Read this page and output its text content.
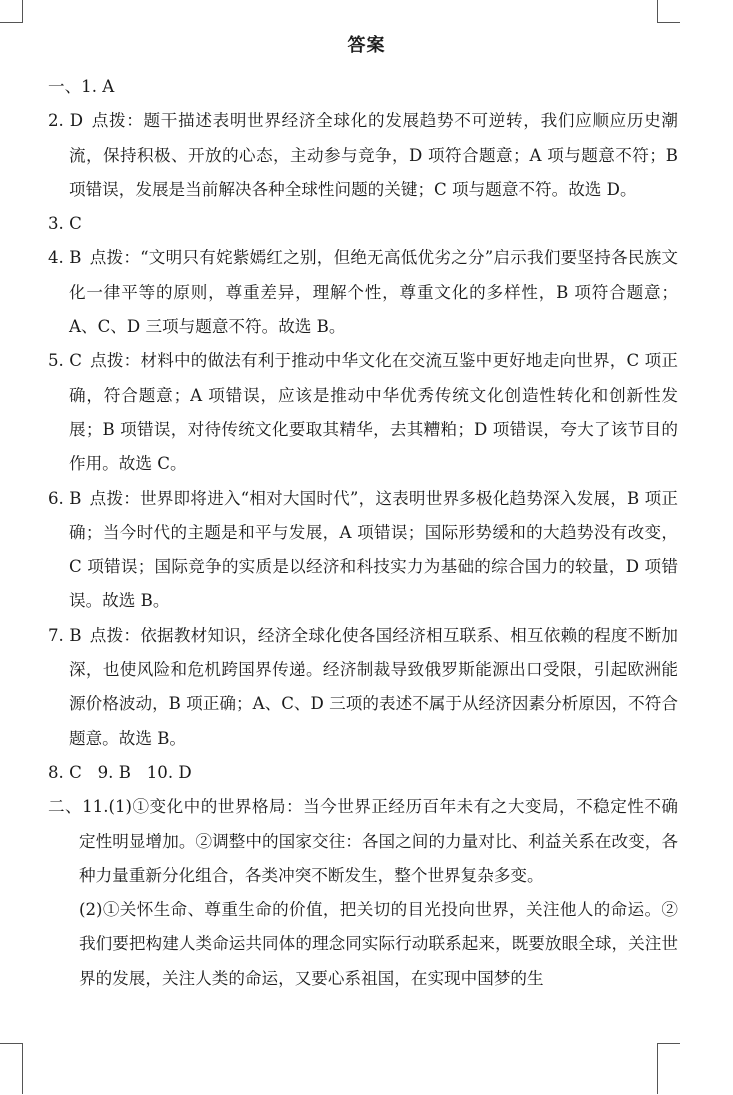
答案

一、1. A

2. D 点拨：题干描述表明世界经济全球化的发展趋势不可逆转，我们应顺应历史潮流，保持积极、开放的心态，主动参与竞争，D 项符合题意；A 项与题意不符；B 项错误，发展是当前解决各种全球性问题的关键；C 项与题意不符。故选 D。

3. C

4. B 点拨：“文明只有姹紫嫣红之别，但绝无高低优劣之分”启示我们要坚持各民族文化一律平等的原则，尊重差异，理解个性，尊重文化的多样性，B 项符合题意；A、C、D 三项与题意不符。故选 B。

5. C 点拨：材料中的做法有利于推动中华文化在交流互鉴中更好地走向世界，C 项正确，符合题意；A 项错误，应该是推动中华优秀传统文化创造性转化和创新性发展；B 项错误，对待传统文化要取其精华，去其糟粕；D 项错误，夸大了该节目的作用。故选 C。

6. B 点拨：世界即将进入“相对大国时代”，这表明世界多极化趋势深入发展，B 项正确；当今时代的主题是和平与发展，A 项错误；国际形势缓和的大趋势没有改变，C 项错误；国际竞争的实质是以经济和科技实力为基础的综合国力的较量，D 项错误。故选 B。

7. B 点拨：依据教材知识，经济全球化使各国经济相互联系、相互依赖的程度不断加深，也使风险和危机跨国界传递。经济制裁导致俄罗斯能源出口受限，引起欧洲能源价格波动，B 项正确；A、C、D 三项的表述不属于从经济因素分析原因，不符合题意。故选 B。

8. C   9. B   10. D

二、11.(1)①变化中的世界格局：当今世界正经历百年未有之大变局，不稳定性不确定性明显增加。②调整中的国家交往：各国之间的力量对比、利益关系在改变，各种力量重新分化组合，各类冲突不断发生，整个世界复杂多变。

(2)①关怀生命、尊重生命的价值，把关切的目光投向世界，关注他人的命运。②我们要把构建人类命运共同体的理念同实际行动联系起来，既要放眼全球，关注世界的发展，关注人类的命运，又要心系祖国，在实现中国梦的生
